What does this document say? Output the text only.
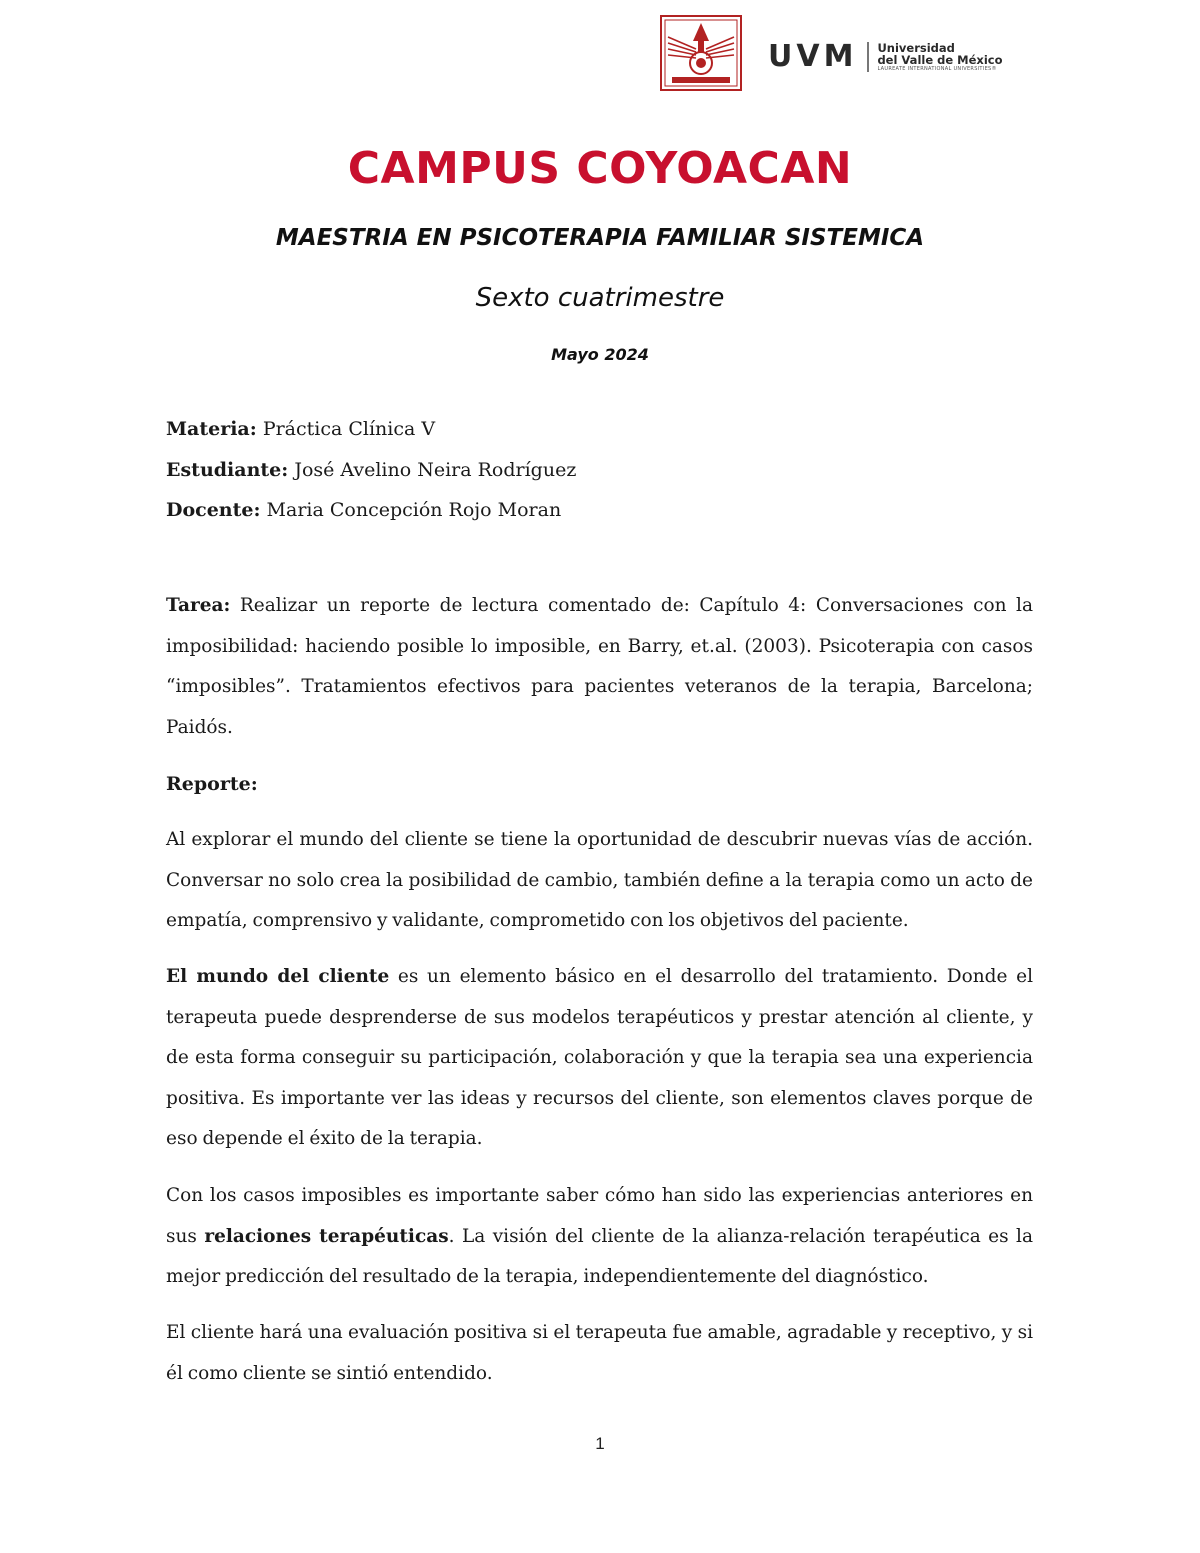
UVM Universidad
del Valle de México
LAUREATE INTERNATIONAL UNIVERSITIES®
CAMPUS COYOACAN
MAESTRIA EN PSICOTERAPIA FAMILIAR SISTEMICA
Sexto cuatrimestre
Mayo 2024
Materia: Práctica Clínica V
Estudiante: José Avelino Neira Rodríguez
Docente: Maria Concepción Rojo Moran
Tarea: Realizar un reporte de lectura comentado de: Capítulo 4: Conversaciones con la imposibilidad: haciendo posible lo imposible, en Barry, et.al. (2003). Psicoterapia con casos “imposibles”. Tratamientos efectivos para pacientes veteranos de la terapia, Barcelona; Paidós.
Reporte:
Al explorar el mundo del cliente se tiene la oportunidad de descubrir nuevas vías de acción. Conversar no solo crea la posibilidad de cambio, también define a la terapia como un acto de empatía, comprensivo y validante, comprometido con los objetivos del paciente.
El mundo del cliente es un elemento básico en el desarrollo del tratamiento. Donde el terapeuta puede desprenderse de sus modelos terapéuticos y prestar atención al cliente, y de esta forma conseguir su participación, colaboración y que la terapia sea una experiencia positiva. Es importante ver las ideas y recursos del cliente, son elementos claves porque de eso depende el éxito de la terapia.
Con los casos imposibles es importante saber cómo han sido las experiencias anteriores en sus relaciones terapéuticas. La visión del cliente de la alianza-relación terapéutica es la mejor predicción del resultado de la terapia, independientemente del diagnóstico.
El cliente hará una evaluación positiva si el terapeuta fue amable, agradable y receptivo, y si él como cliente se sintió entendido.
1
